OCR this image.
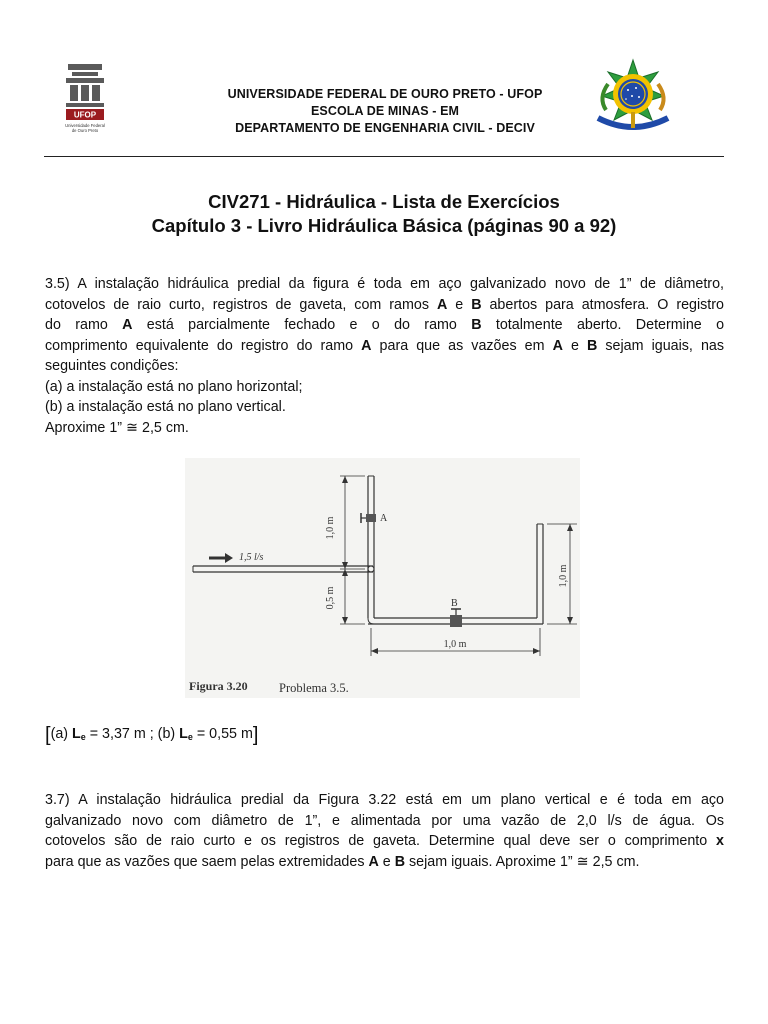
UFOP
Universidade Federal
de Ouro Preto
UNIVERSIDADE FEDERAL DE OURO PRETO - UFOP
ESCOLA DE MINAS - EM
DEPARTAMENTO DE ENGENHARIA CIVIL - DECIV
CIV271 - Hidráulica - Lista de Exercícios
Capítulo 3 - Livro Hidráulica Básica (páginas 90 a 92)
3.5) A instalação hidráulica predial da figura é toda em aço galvanizado novo de 1” de diâmetro,
cotovelos de raio curto, registros de gaveta, com ramos A e B abertos para atmosfera. O registro
do ramo A está parcialmente fechado e o do ramo B totalmente aberto. Determine o
comprimento equivalente do registro do ramo A para que as vazões em A e B sejam iguais, nas
seguintes condições:
(a) a instalação está no plano horizontal;
(b) a instalação está no plano vertical.
Aproxime 1” ≅ 2,5 cm.
1,5 l/s
A
B
1,0 m
0,5 m
1,0 m
1,0 m
Figura 3.20	Problema 3.5.
[(a) $L_e = 3,37$ m ; (b) $L_e = 0,55$ m]
3.7) A instalação hidráulica predial da Figura 3.22 está em um plano vertical e é toda em aço
galvanizado novo com diâmetro de 1”, e alimentada por uma vazão de 2,0 l/s de água. Os
cotovelos são de raio curto e os registros de gaveta. Determine qual deve ser o comprimento x
para que as vazões que saem pelas extremidades A e B sejam iguais. Aproxime 1” ≅ 2,5 cm.
